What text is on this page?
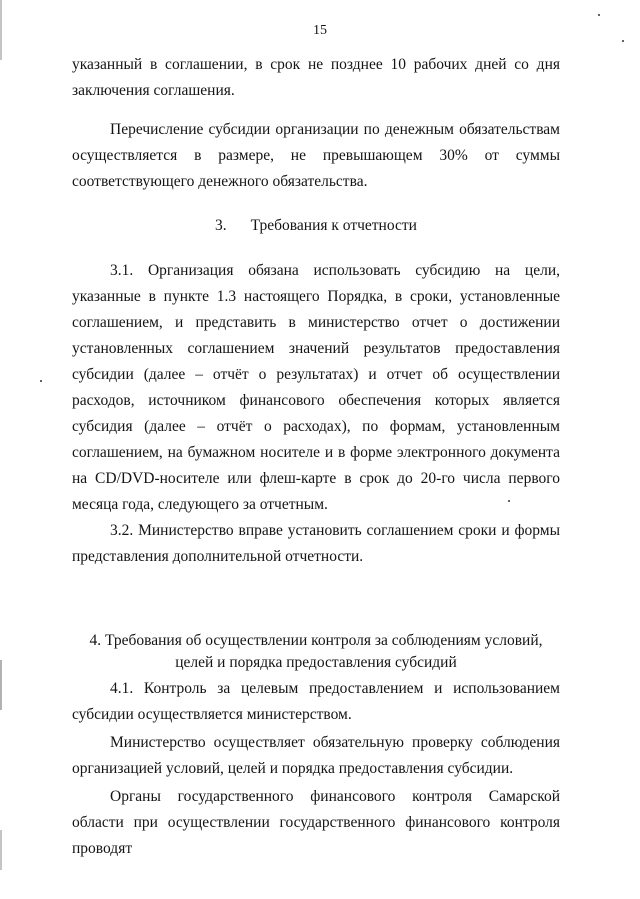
15

указанный в соглашении, в срок не позднее 10 рабочих дней со дня заключения соглашения.

Перечисление субсидии организации по денежным обязательствам осуществляется в размере, не превышающем 30% от суммы соответствующего денежного обязательства.

3. Требования к отчетности

3.1. Организация обязана использовать субсидию на цели, указанные в пункте 1.3 настоящего Порядка, в сроки, установленные соглашением, и представить в министерство отчет о достижении установленных соглашением значений результатов предоставления субсидии (далее – отчёт о результатах) и отчет об осуществлении расходов, источником финансового обеспечения которых является субсидия (далее – отчёт о расходах), по формам, установленным соглашением, на бумажном носителе и в форме электронного документа на CD/DVD-носителе или флеш-карте в срок до 20-го числа первого месяца года, следующего за отчетным.

3.2. Министерство вправе установить соглашением сроки и формы представления дополнительной отчетности.

4. Требования об осуществлении контроля за соблюдениям условий,
целей и порядка предоставления субсидий

4.1. Контроль за целевым предоставлением и использованием субсидии осуществляется министерством.

Министерство осуществляет обязательную проверку соблюдения организацией условий, целей и порядка предоставления субсидии.

Органы государственного финансового контроля Самарской области при осуществлении государственного финансового контроля проводят
